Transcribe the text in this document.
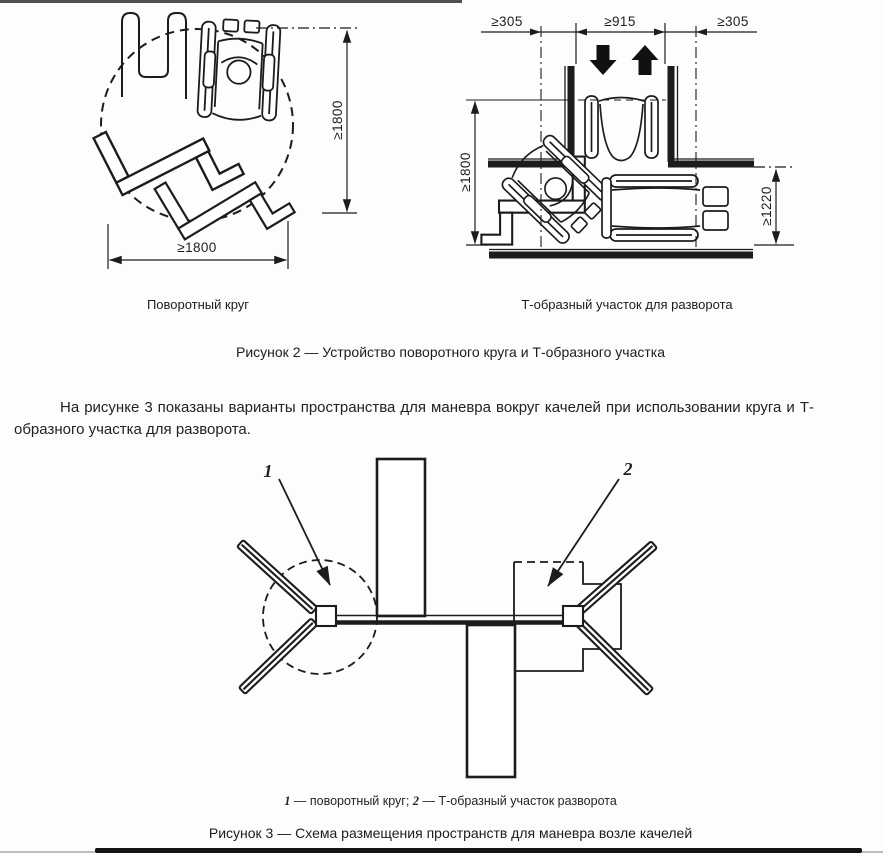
≥1800
≥1800
≥305	≥915	≥305
≥1800
≥1220
1	2
Поворотный круг	Т-образный участок для разворота
Рисунок 2 — Устройство поворотного круга и Т-образного участка

На рисунке 3 показаны варианты пространства для маневра вокруг качелей при использовании круга и Т-образного участка для разворота.

1 — поворотный круг; 2 — Т-образный участок разворота
Рисунок 3 — Схема размещения пространств для маневра возле качелей
